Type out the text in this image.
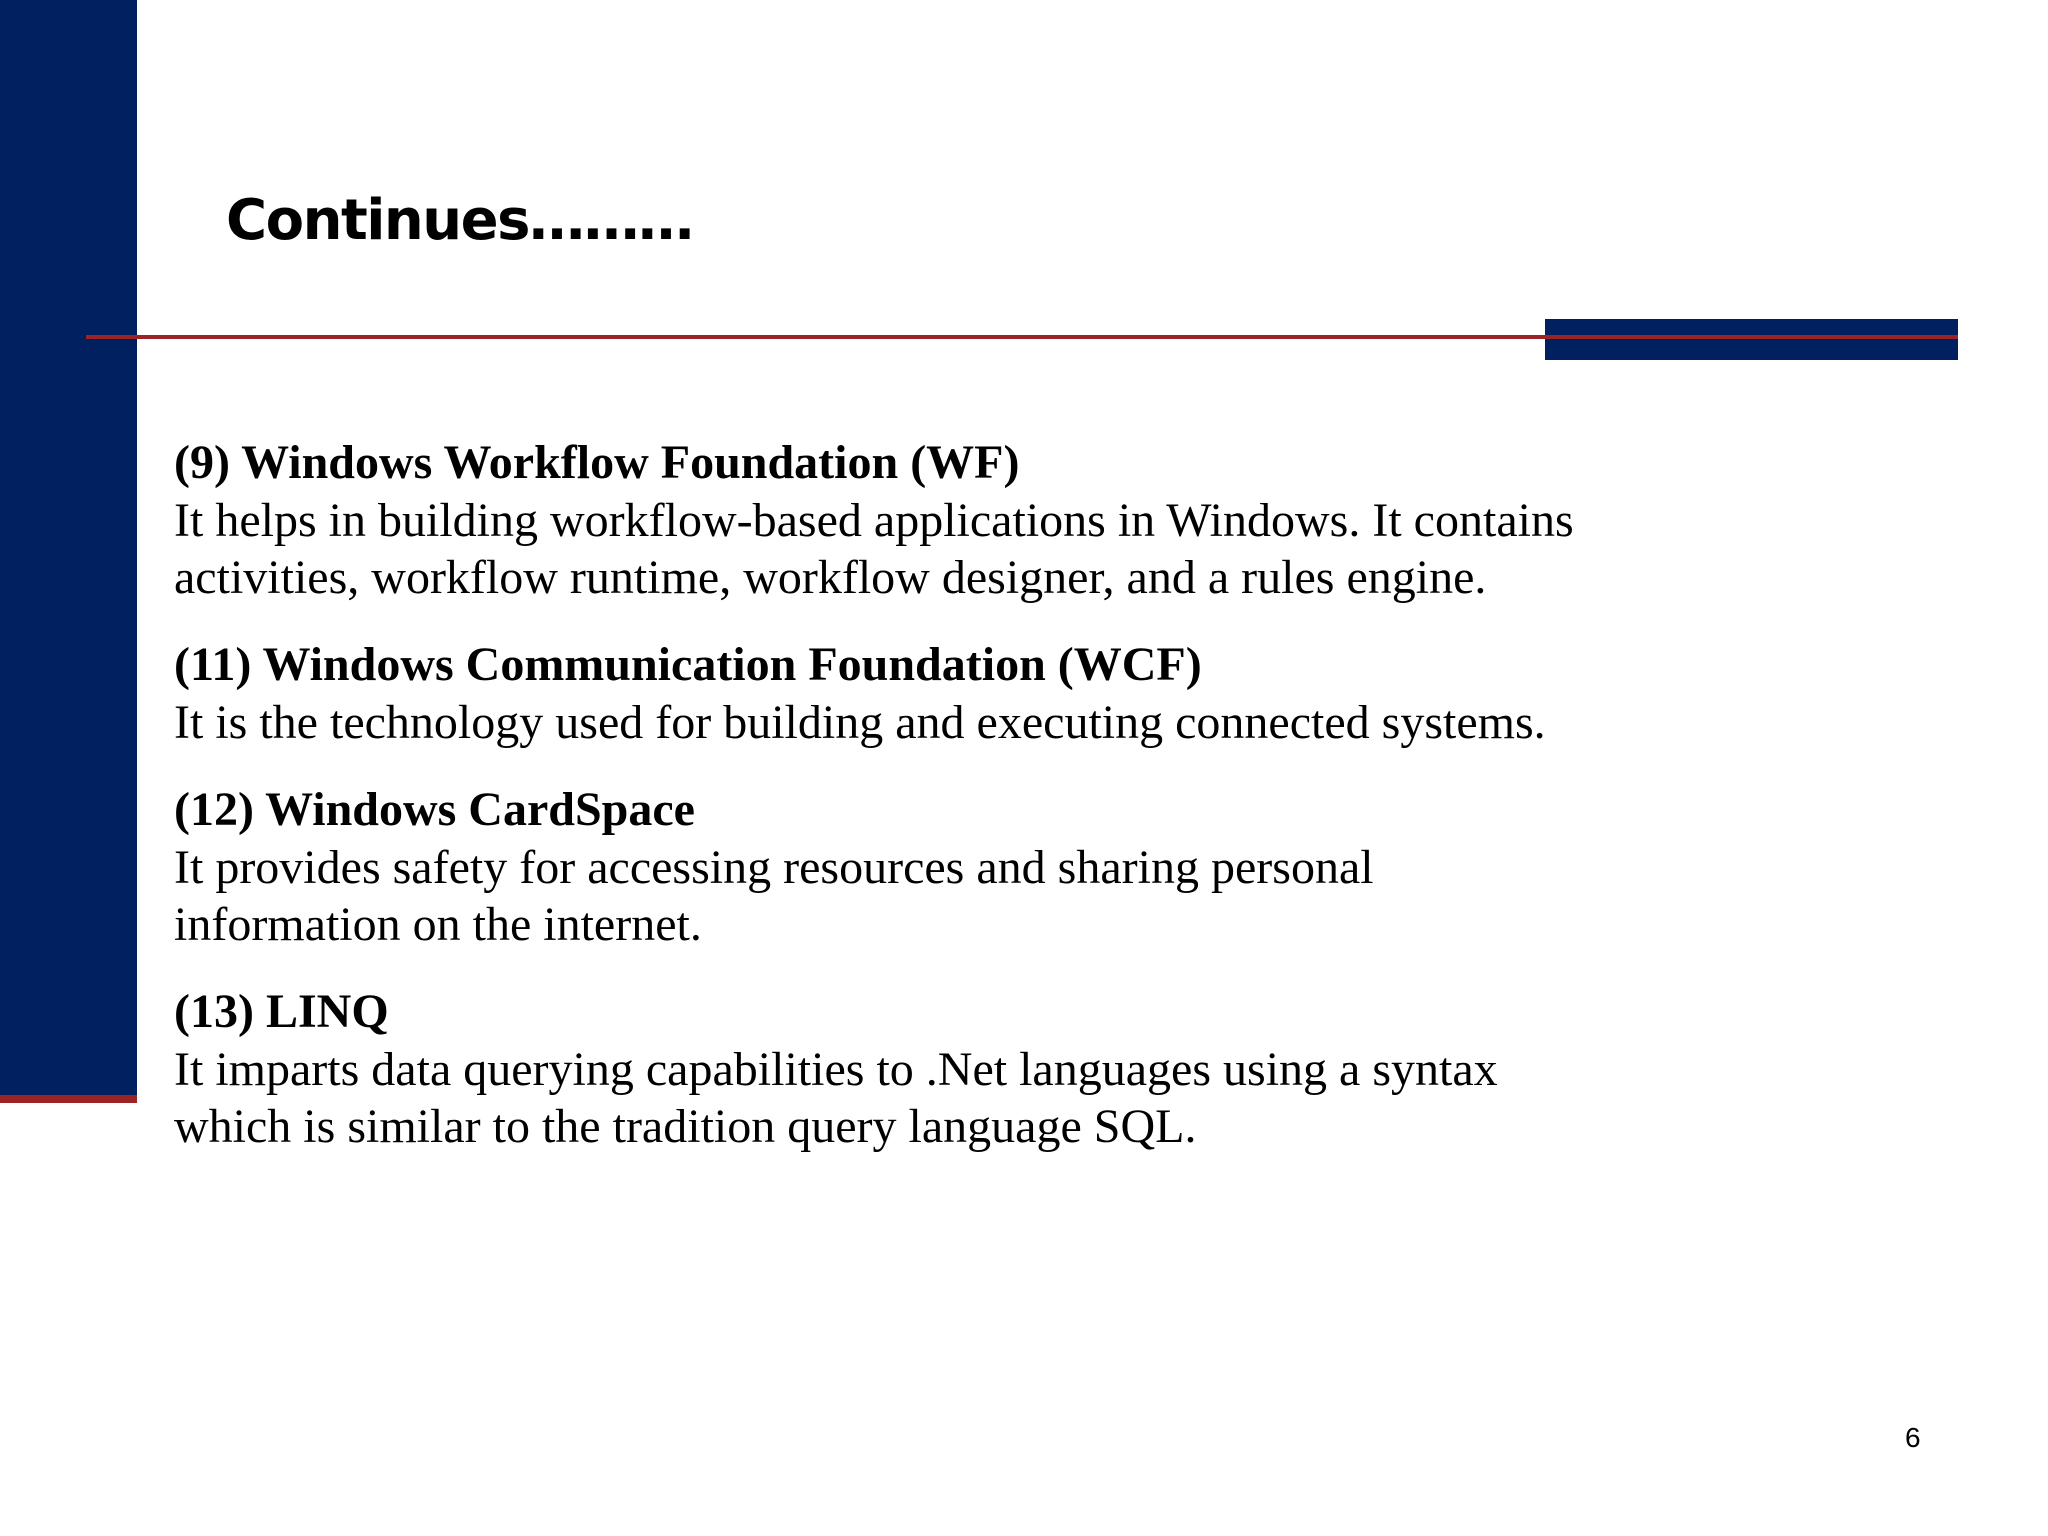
Continues………

(9) Windows Workflow Foundation (WF)

It helps in building workflow-based applications in Windows. It contains activities, workflow runtime, workflow designer, and a rules engine.

(11) Windows Communication Foundation (WCF)

It is the technology used for building and executing connected systems.

(12) Windows CardSpace

It provides safety for accessing resources and sharing personal information on the internet.

(13) LINQ

It imparts data querying capabilities to .Net languages using a syntax which is similar to the tradition query language SQL.

6
